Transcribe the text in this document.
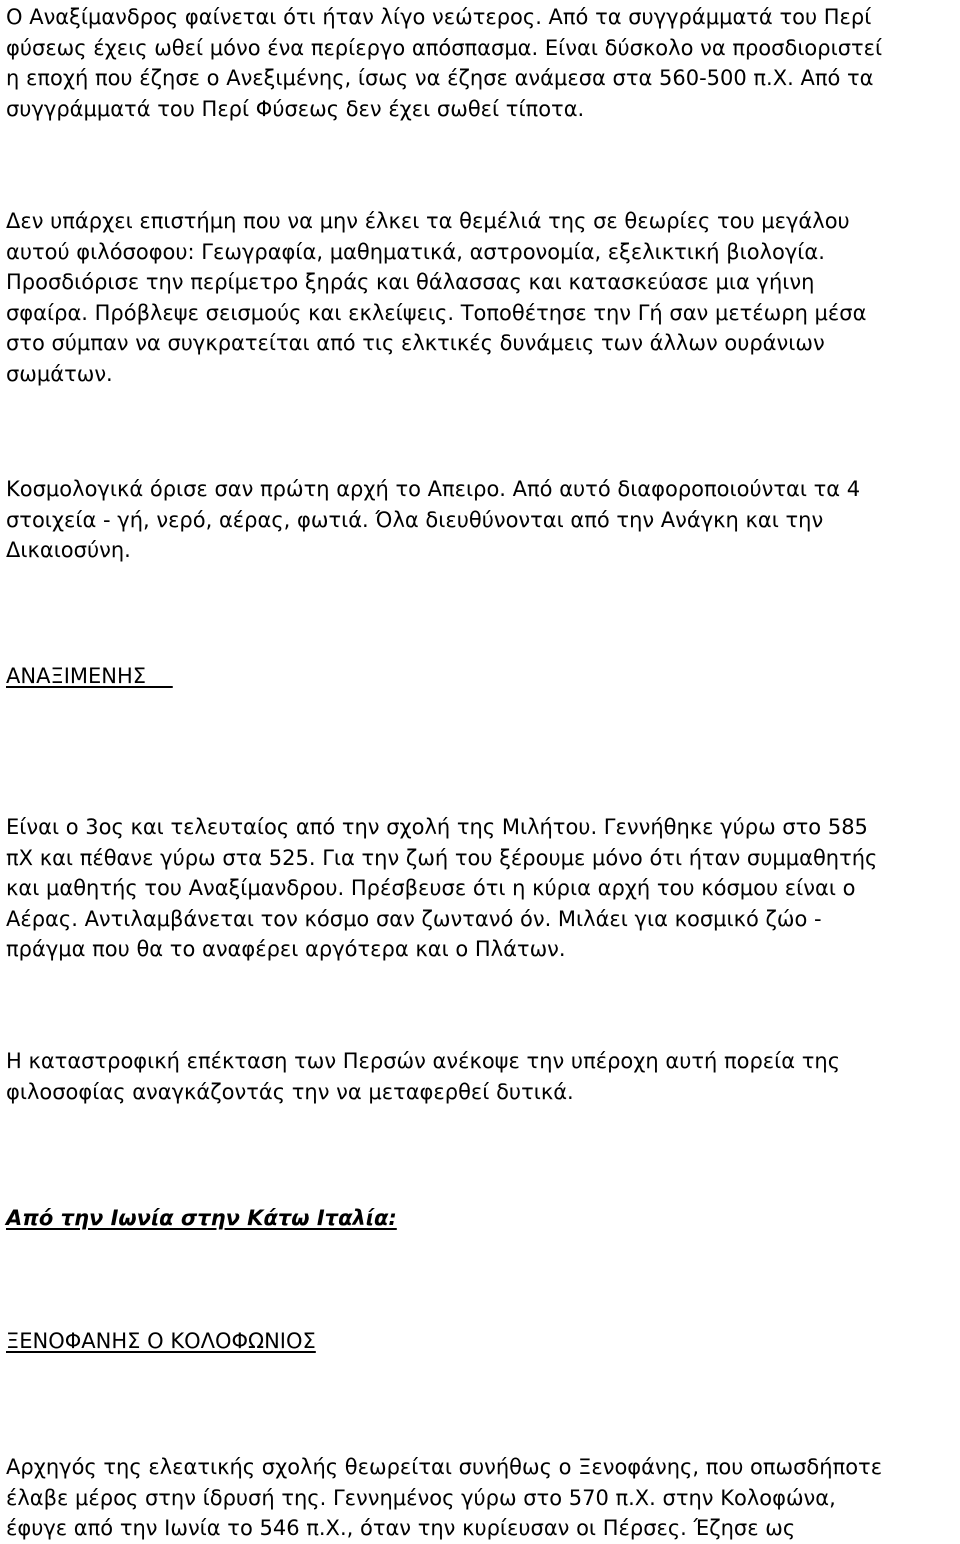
Ο Αναξίμανδρος φαίνεται ότι ήταν λίγο νεώτερος. Από τα συγγράμματά του Περί
φύσεως έχεις ωθεί μόνο ένα περίεργο απόσπασμα. Είναι δύσκολο να προσδιοριστεί
η εποχή που έζησε ο Ανεξιμένης, ίσως να έζησε ανάμεσα στα 560-500 π.Χ. Από τα
συγγράμματά του Περί Φύσεως δεν έχει σωθεί τίποτα.

Δεν υπάρχει επιστήμη που να μην έλκει τα θεμέλιά της σε θεωρίες του μεγάλου
αυτού φιλόσοφου: Γεωγραφία, μαθηματικά, αστρονομία, εξελικτική βιολογία.
Προσδιόρισε την περίμετρο ξηράς και θάλασσας και κατασκεύασε μια γήινη
σφαίρα. Πρόβλεψε σεισμούς και εκλείψεις. Τοποθέτησε την Γή σαν μετέωρη μέσα
στο σύμπαν να συγκρατείται από τις ελκτικές δυνάμεις των άλλων ουράνιων
σωμάτων.

Κοσμολογικά όρισε σαν πρώτη αρχή το Απειρο. Από αυτό διαφοροποιούνται τα 4
στοιχεία - γή, νερό, αέρας, φωτιά. Όλα διευθύνονται από την Ανάγκη και την
Δικαιοσύνη.

ΑΝΑΞΙΜΕΝΗΣ

Είναι ο 3ος και τελευταίος από την σχολή της Μιλήτου. Γεννήθηκε γύρω στο 585
πΧ και πέθανε γύρω στα 525. Για την ζωή του ξέρουμε μόνο ότι ήταν συμμαθητής
και μαθητής του Αναξίμανδρου. Πρέσβευσε ότι η κύρια αρχή του κόσμου είναι ο
Αέρας. Αντιλαμβάνεται τον κόσμο σαν ζωντανό όν. Μιλάει για κοσμικό ζώο -
πράγμα που θα το αναφέρει αργότερα και ο Πλάτων.

Η καταστροφική επέκταση των Περσών ανέκοψε την υπέροχη αυτή πορεία της
φιλοσοφίας αναγκάζοντάς την να μεταφερθεί δυτικά.

Από την Ιωνία στην Κάτω Ιταλία:

ΞΕΝΟΦΑΝΗΣ Ο ΚΟΛΟΦΩΝΙΟΣ

Αρχηγός της ελεατικής σχολής θεωρείται συνήθως ο Ξενοφάνης, που οπωσδήποτε
έλαβε μέρος στην ίδρυσή της. Γεννημένος γύρω στο 570 π.Χ. στην Κολοφώνα,
έφυγε από την Ιωνία το 546 π.Χ., όταν την κυρίευσαν οι Πέρσες. Έζησε ως
